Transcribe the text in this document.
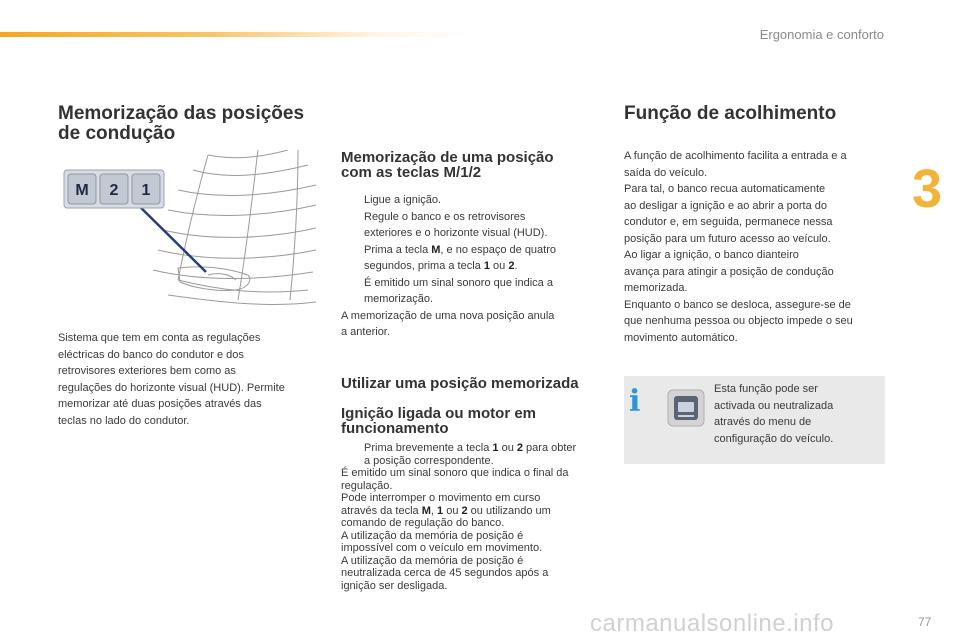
Ergonomia e conforto
3
Memorização das posições
de condução
M 2 1
Sistema que tem em conta as regulações
eléctricas do banco do condutor e dos
retrovisores exteriores bem como as
regulações do horizonte visual (HUD). Permite
memorizar até duas posições através das
teclas no lado do condutor.
Memorização de uma posição
com as teclas M/1/2
Ligue a ignição.
Regule o banco e os retrovisores
exteriores e o horizonte visual (HUD).
Prima a tecla M, e no espaço de quatro
segundos, prima a tecla 1 ou 2.
É emitido um sinal sonoro que indica a
memorização.
A memorização de uma nova posição anula
a anterior.
Utilizar uma posição memorizada
Ignição ligada ou motor em
funcionamento
Prima brevemente a tecla 1 ou 2 para obter
a posição correspondente.
É emitido um sinal sonoro que indica o final da
regulação.
Pode interromper o movimento em curso
através da tecla M, 1 ou 2 ou utilizando um
comando de regulação do banco.
A utilização da memória de posição é
impossível com o veículo em movimento.
A utilização da memória de posição é
neutralizada cerca de 45 segundos após a
ignição ser desligada.
Função de acolhimento
A função de acolhimento facilita a entrada e a
saída do veículo.
Para tal, o banco recua automaticamente
ao desligar a ignição e ao abrir a porta do
condutor e, em seguida, permanece nessa
posição para um futuro acesso ao veículo.
Ao ligar a ignição, o banco dianteiro
avança para atingir a posição de condução
memorizada.
Enquanto o banco se desloca, assegure-se de
que nenhuma pessoa ou objecto impede o seu
movimento automático.
i	Esta função pode ser
activada ou neutralizada
através do menu de
configuração do veículo.
carmanualsonline.info	77
